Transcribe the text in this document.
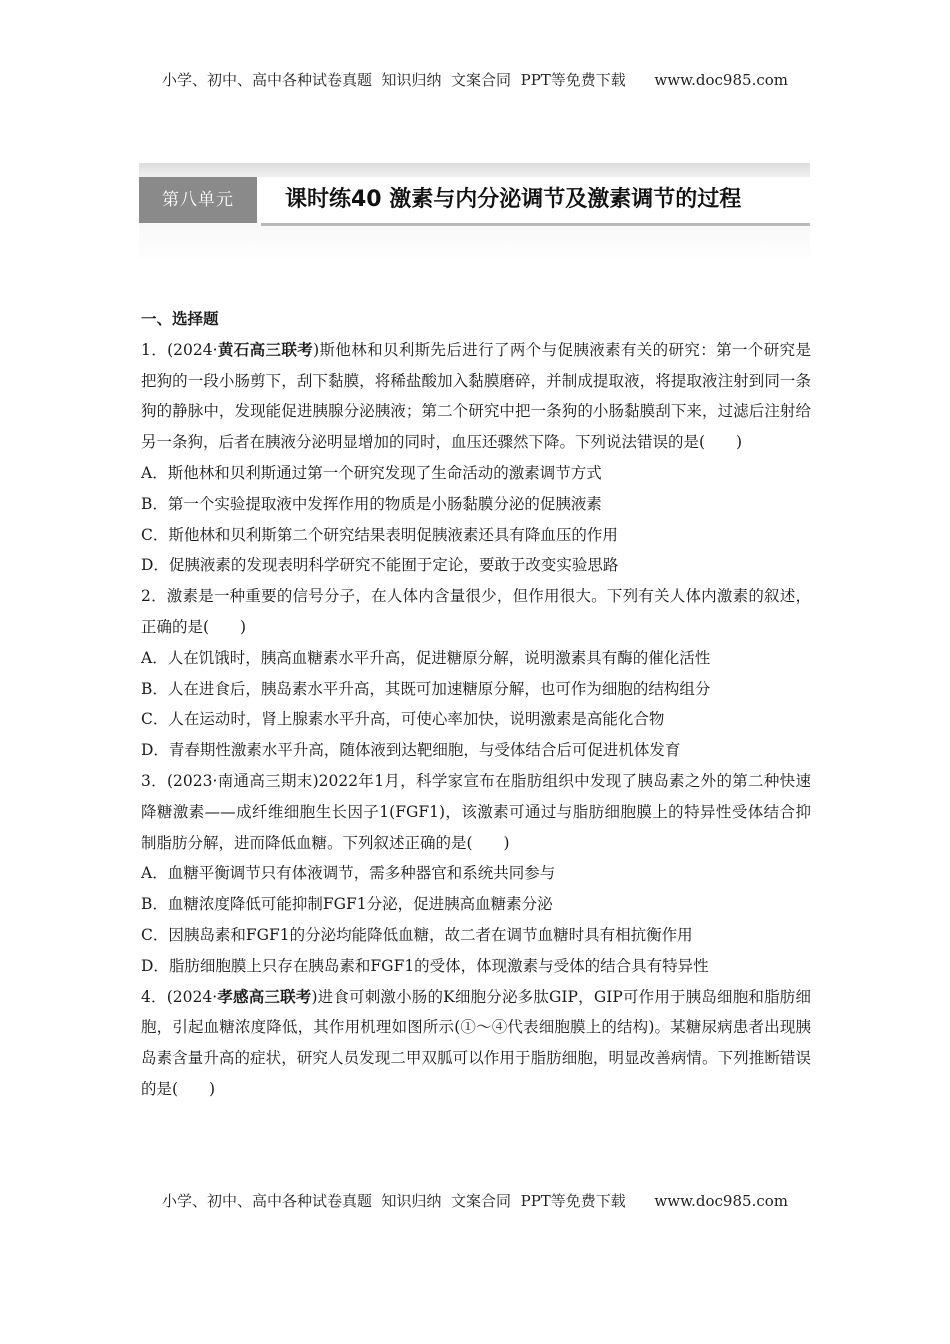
小学、初中、高中各种试卷真题  知识归纳  文案合同  PPT等免费下载      www.doc985.com
第八单元	课时练40 激素与内分泌调节及激素调节的过程
一、选择题

1．(2024·黄石高三联考)斯他林和贝利斯先后进行了两个与促胰液素有关的研究：第一个研究是把狗的一段小肠剪下，刮下黏膜，将稀盐酸加入黏膜磨碎，并制成提取液，将提取液注射到同一条狗的静脉中，发现能促进胰腺分泌胰液；第二个研究中把一条狗的小肠黏膜刮下来，过滤后注射给另一条狗，后者在胰液分泌明显增加的同时，血压还骤然下降。下列说法错误的是(　　)

A．斯他林和贝利斯通过第一个研究发现了生命活动的激素调节方式

B．第一个实验提取液中发挥作用的物质是小肠黏膜分泌的促胰液素

C．斯他林和贝利斯第二个研究结果表明促胰液素还具有降血压的作用

D．促胰液素的发现表明科学研究不能囿于定论，要敢于改变实验思路

2．激素是一种重要的信号分子，在人体内含量很少，但作用很大。下列有关人体内激素的叙述，正确的是(　　)

A．人在饥饿时，胰高血糖素水平升高，促进糖原分解，说明激素具有酶的催化活性

B．人在进食后，胰岛素水平升高，其既可加速糖原分解，也可作为细胞的结构组分

C．人在运动时，肾上腺素水平升高，可使心率加快，说明激素是高能化合物

D．青春期性激素水平升高，随体液到达靶细胞，与受体结合后可促进机体发育

3．(2023·南通高三期末)2022年1月，科学家宣布在脂肪组织中发现了胰岛素之外的第二种快速降糖激素——成纤维细胞生长因子1(FGF1)，该激素可通过与脂肪细胞膜上的特异性受体结合抑制脂肪分解，进而降低血糖。下列叙述正确的是(　　)

A．血糖平衡调节只有体液调节，需多种器官和系统共同参与

B．血糖浓度降低可能抑制FGF1分泌，促进胰高血糖素分泌

C．因胰岛素和FGF1的分泌均能降低血糖，故二者在调节血糖时具有相抗衡作用

D．脂肪细胞膜上只存在胰岛素和FGF1的受体，体现激素与受体的结合具有特异性

4．(2024·孝感高三联考)进食可刺激小肠的K细胞分泌多肽GIP，GIP可作用于胰岛细胞和脂肪细胞，引起血糖浓度降低，其作用机理如图所示(①～④代表细胞膜上的结构)。某糖尿病患者出现胰岛素含量升高的症状，研究人员发现二甲双胍可以作用于脂肪细胞，明显改善病情。下列推断错误的是(　　)

小学、初中、高中各种试卷真题  知识归纳  文案合同  PPT等免费下载      www.doc985.com
